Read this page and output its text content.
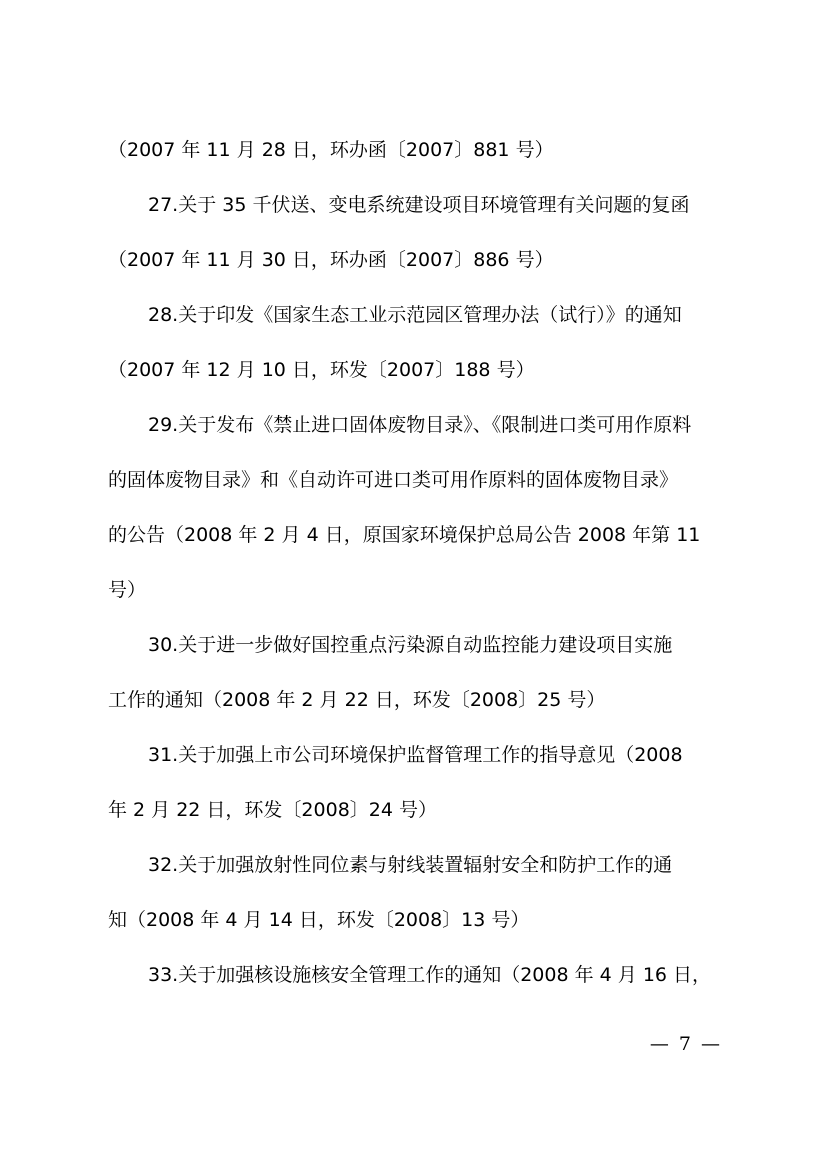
（2007 年 11 月 28 日，环办函〔2007〕881 号）
27.关于 35 千伏送、变电系统建设项目环境管理有关问题的复函
（2007 年 11 月 30 日，环办函〔2007〕886 号）
28.关于印发《国家生态工业示范园区管理办法（试行）》的通知
（2007 年 12 月 10 日，环发〔2007〕188 号）
29.关于发布《禁止进口固体废物目录》、《限制进口类可用作原料
的固体废物目录》和《自动许可进口类可用作原料的固体废物目录》
的公告（2008 年 2 月 4 日，原国家环境保护总局公告 2008 年第 11
号）
30.关于进一步做好国控重点污染源自动监控能力建设项目实施
工作的通知（2008 年 2 月 22 日，环发〔2008〕25 号）
31.关于加强上市公司环境保护监督管理工作的指导意见（2008
年 2 月 22 日，环发〔2008〕24 号）
32.关于加强放射性同位素与射线装置辐射安全和防护工作的通
知（2008 年 4 月 14 日，环发〔2008〕13 号）
33.关于加强核设施核安全管理工作的通知（2008 年 4 月 16 日，
— 7 —
